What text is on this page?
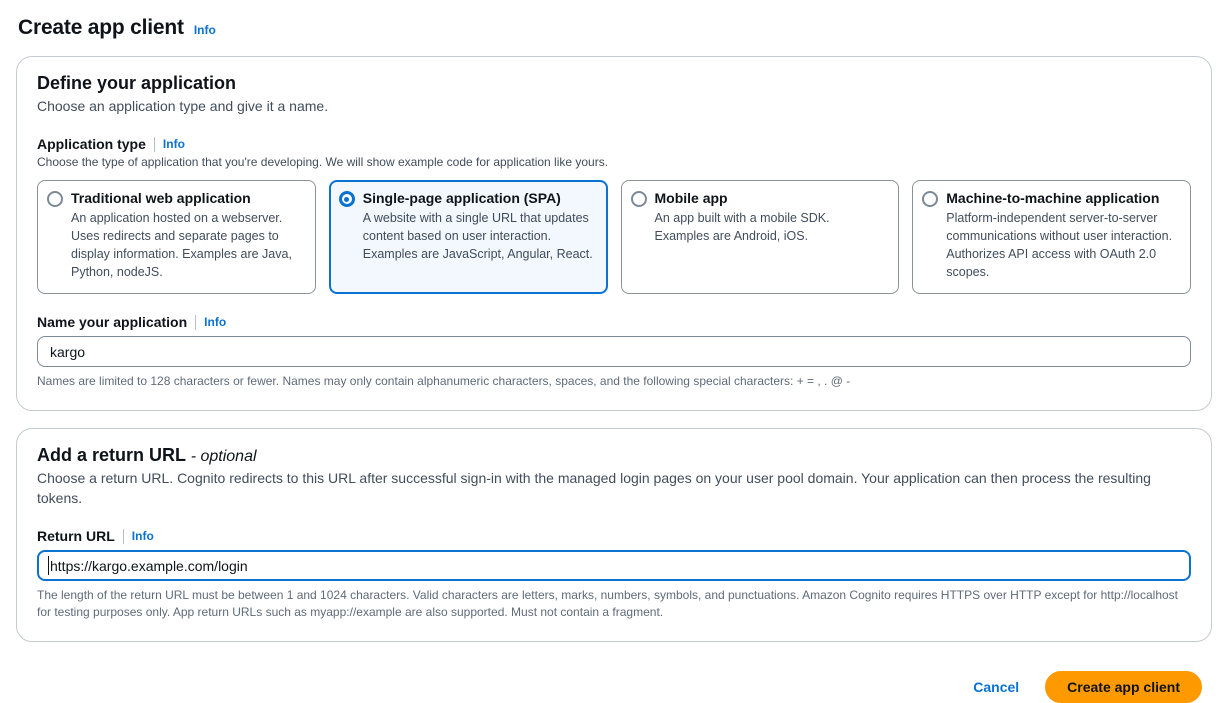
Create app client Info
Define your application

Choose an application type and give it a name.

Application type Info

Choose the type of application that you're developing. We will show example code for application like yours.

Traditional web application
An application hosted on a webserver. Uses redirects and separate pages to display information. Examples are Java, Python, nodeJS.
Single-page application (SPA)
A website with a single URL that updates content based on user interaction. Examples are JavaScript, Angular, React.
Mobile app
An app built with a mobile SDK. Examples are Android, iOS.
Machine-to-machine application
Platform-independent server-to-server communications without user interaction. Authorizes API access with OAuth 2.0 scopes.
Name your application Info
kargo

Names are limited to 128 characters or fewer. Names may only contain alphanumeric characters, spaces, and the following special characters: + = , . @ -

Add a return URL - optional

Choose a return URL. Cognito redirects to this URL after successful sign-in with the managed login pages on your user pool domain. Your application can then process the resulting tokens.

Return URL Info
https://kargo.example.com/login

The length of the return URL must be between 1 and 1024 characters. Valid characters are letters, marks, numbers, symbols, and punctuations. Amazon Cognito requires HTTPS over HTTP except for http://localhost for testing purposes only. App return URLs such as myapp://example are also supported. Must not contain a fragment.

Cancel	Create app client
